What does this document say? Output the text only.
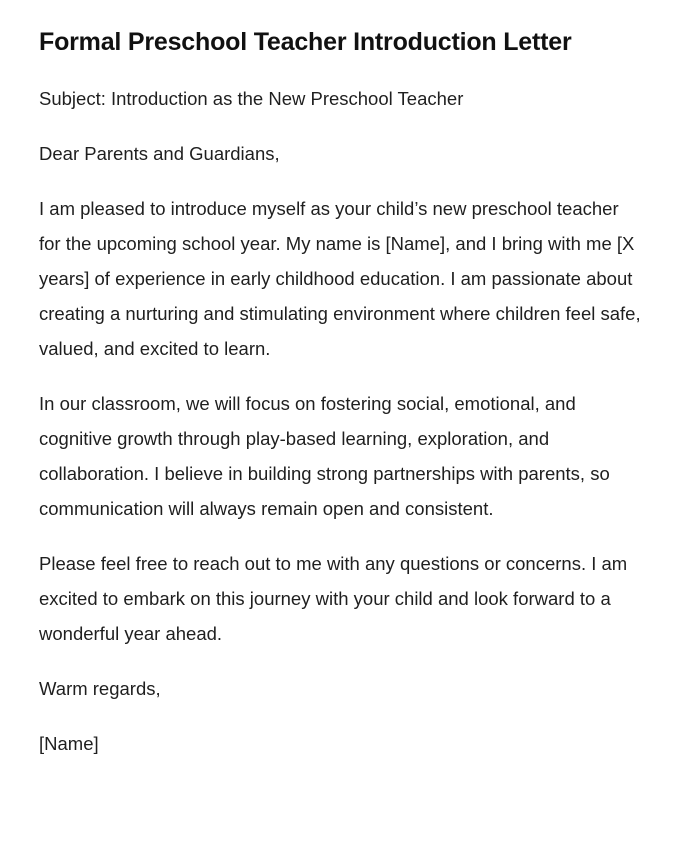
Formal Preschool Teacher Introduction Letter

Subject: Introduction as the New Preschool Teacher

Dear Parents and Guardians,

I am pleased to introduce myself as your child’s new preschool teacher for the upcoming school year. My name is [Name], and I bring with me [X years] of experience in early childhood education. I am passionate about creating a nurturing and stimulating environment where children feel safe, valued, and excited to learn.

In our classroom, we will focus on fostering social, emotional, and cognitive growth through play-based learning, exploration, and collaboration. I believe in building strong partnerships with parents, so communication will always remain open and consistent.

Please feel free to reach out to me with any questions or concerns. I am excited to embark on this journey with your child and look forward to a wonderful year ahead.

Warm regards,

[Name]
